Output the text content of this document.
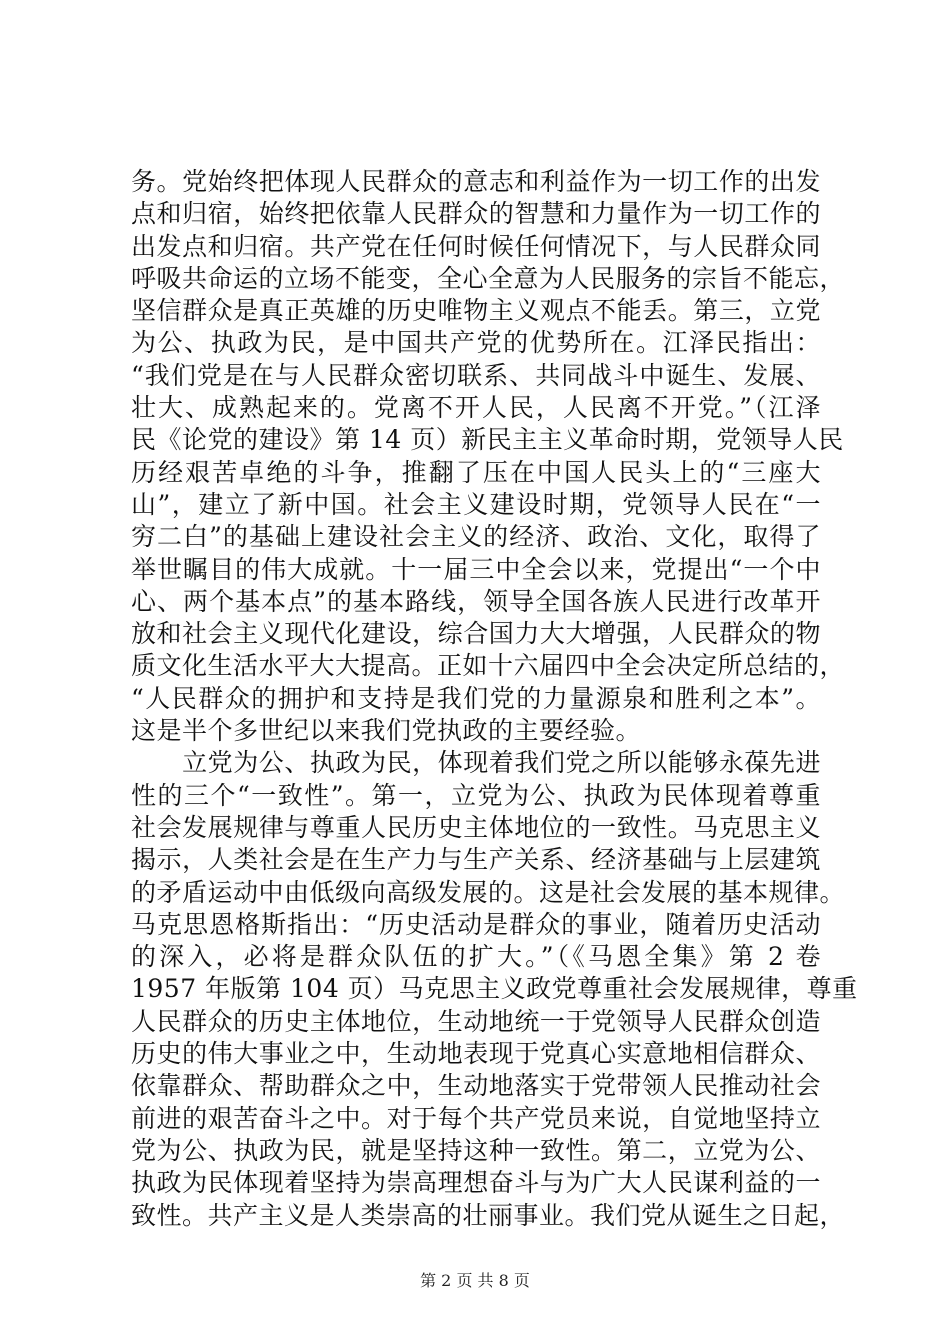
务。党始终把体现人民群众的意志和利益作为一切工作的出发
点和归宿，始终把依靠人民群众的智慧和力量作为一切工作的
出发点和归宿。共产党在任何时候任何情况下，与人民群众同
呼吸共命运的立场不能变，全心全意为人民服务的宗旨不能忘，
坚信群众是真正英雄的历史唯物主义观点不能丢。第三，立党
为公、执政为民，是中国共产党的优势所在。江泽民指出：
“我们党是在与人民群众密切联系、共同战斗中诞生、发展、
壮大、成熟起来的。党离不开人民，人民离不开党。”（江泽
民《论党的建设》第 14 页）新民主主义革命时期，党领导人民
历经艰苦卓绝的斗争，推翻了压在中国人民头上的“三座大
山”，建立了新中国。社会主义建设时期，党领导人民在“一
穷二白”的基础上建设社会主义的经济、政治、文化，取得了
举世瞩目的伟大成就。十一届三中全会以来，党提出“一个中
心、两个基本点”的基本路线，领导全国各族人民进行改革开
放和社会主义现代化建设，综合国力大大增强，人民群众的物
质文化生活水平大大提高。正如十六届四中全会决定所总结的，
“人民群众的拥护和支持是我们党的力量源泉和胜利之本”。
这是半个多世纪以来我们党执政的主要经验。
　　立党为公、执政为民，体现着我们党之所以能够永葆先进
性的三个“一致性”。第一，立党为公、执政为民体现着尊重
社会发展规律与尊重人民历史主体地位的一致性。马克思主义
揭示，人类社会是在生产力与生产关系、经济基础与上层建筑
的矛盾运动中由低级向高级发展的。这是社会发展的基本规律。
马克思恩格斯指出：“历史活动是群众的事业，随着历史活动
的深入，必将是群众队伍的扩大。”（《马恩全集》第 2 卷
1957 年版第 104 页）马克思主义政党尊重社会发展规律，尊重
人民群众的历史主体地位，生动地统一于党领导人民群众创造
历史的伟大事业之中，生动地表现于党真心实意地相信群众、
依靠群众、帮助群众之中，生动地落实于党带领人民推动社会
前进的艰苦奋斗之中。对于每个共产党员来说，自觉地坚持立
党为公、执政为民，就是坚持这种一致性。第二，立党为公、
执政为民体现着坚持为崇高理想奋斗与为广大人民谋利益的一
致性。共产主义是人类崇高的壮丽事业。我们党从诞生之日起，
第 2 页 共 8 页
